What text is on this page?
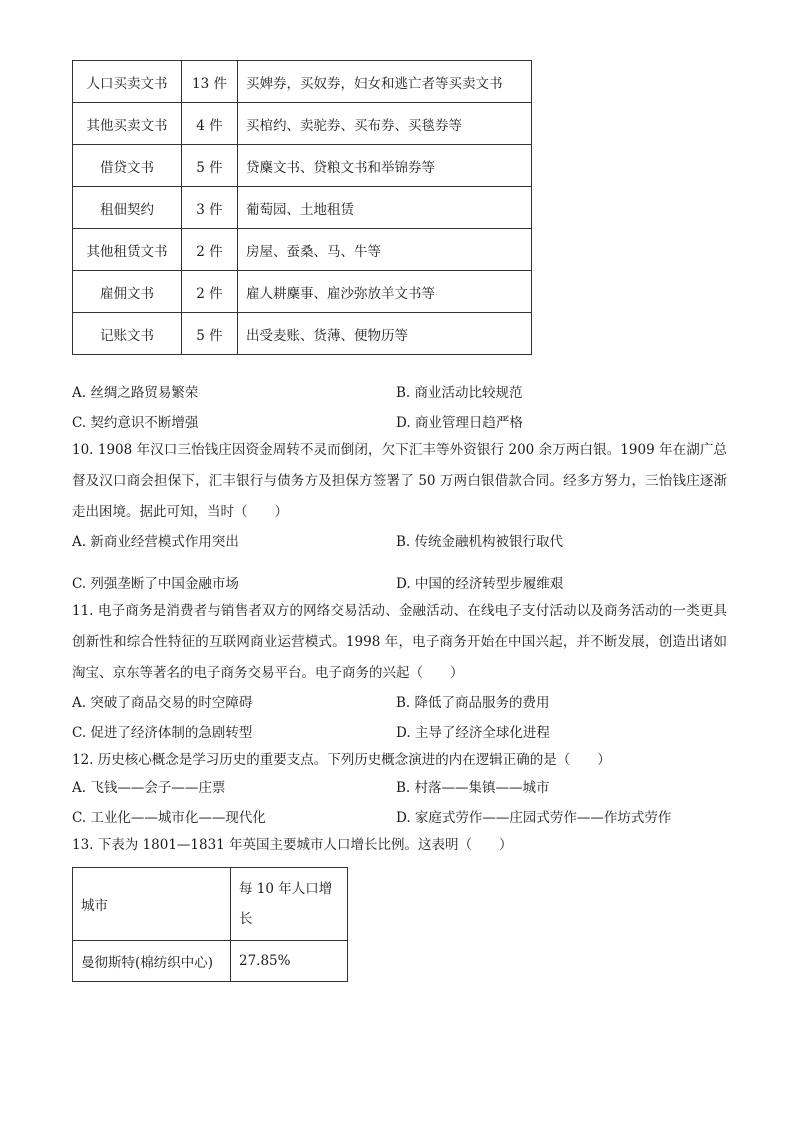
人口买卖文书	13 件	买婢券，买奴券，妇女和逃亡者等买卖文书
其他买卖文书	4 件	买棺约、卖驼券、买布券、买毯券等
借贷文书	5 件	贷麇文书、贷粮文书和举锦券等
租佃契约	3 件	葡萄园、土地租赁
其他租赁文书	2 件	房屋、蚕桑、马、牛等
雇佣文书	2 件	雇人耕麇事、雇沙弥放羊文书等
记账文书	5 件	出受麦账、货薄、便物历等
A. 丝绸之路贸易繁荣	B. 商业活动比较规范
C. 契约意识不断增强	D. 商业管理日趋严格
10. 1908 年汉口三怡钱庄因资金周转不灵而倒闭，欠下汇丰等外资银行 200 余万两白银。1909 年在湖广总督及汉口商会担保下，汇丰银行与债务方及担保方签署了 50 万两白银借款合同。经多方努力，三怡钱庄逐渐走出困境。据此可知，当时（　　）
A. 新商业经营模式作用突出	B. 传统金融机构被银行取代
C. 列强垄断了中国金融市场	D. 中国的经济转型步履维艰
11. 电子商务是消费者与销售者双方的网络交易活动、金融活动、在线电子支付活动以及商务活动的一类更具创新性和综合性特征的互联网商业运营模式。1998 年，电子商务开始在中国兴起，并不断发展，创造出诸如淘宝、京东等著名的电子商务交易平台。电子商务的兴起（　　）
A. 突破了商品交易的时空障碍	B. 降低了商品服务的费用
C. 促进了经济体制的急剧转型	D. 主导了经济全球化进程
12. 历史核心概念是学习历史的重要支点。下列历史概念演进的内在逻辑正确的是（　　）
A. 飞钱——会子——庄票	B. 村落——集镇——城市
C. 工业化——城市化——现代化	D. 家庭式劳作——庄园式劳作——作坊式劳作
13. 下表为 1801—1831 年英国主要城市人口增长比例。这表明（　　）
城市	每 10 年人口增长
曼彻斯特(棉纺织中心)	27.85%
